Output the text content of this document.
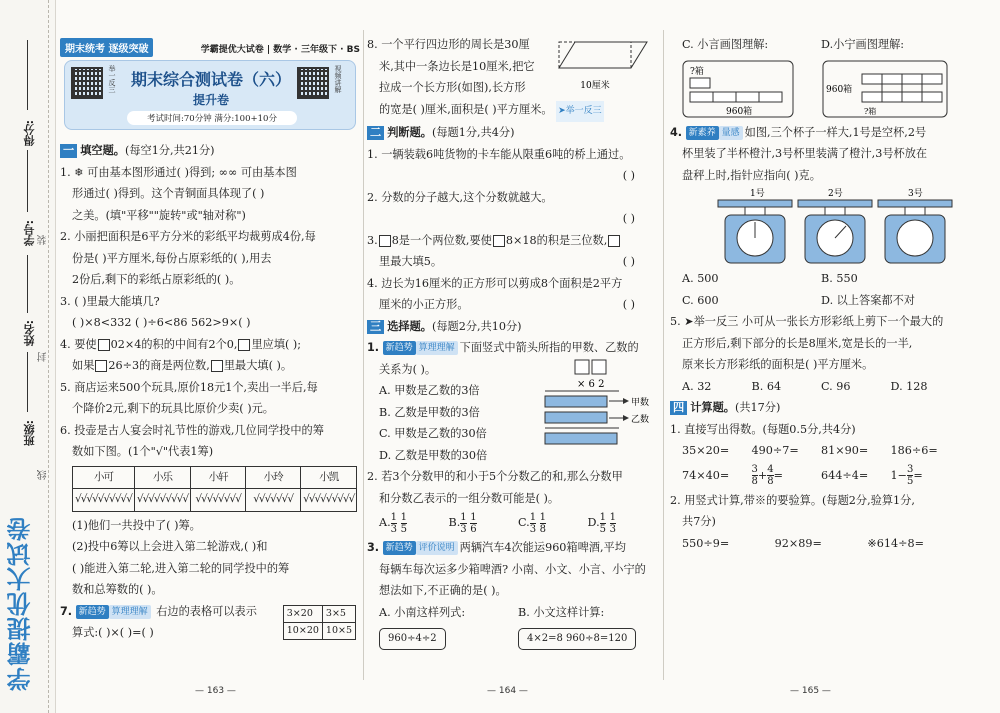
得分:
学号:
姓名:
班级:
装
封
线
学霸提优大试卷
期末统考 逐级突破	学霸提优大试卷 | 数学 · 三年级下 · BS
举一反三 期末综合测试卷（六）
提升卷
视频讲解
考试时间:70分钟 满分:100+10分
一 填空题。(每空1分,共21分)
1. ❄ 可由基本图形通过( )得到; ∞∞ 可由基本图
形通过( )得到。这个青铜面具体现了( )
之美。(填"平移""旋转"或"轴对称")
2. 小丽把面积是6平方分米的彩纸平均裁剪成4份,每
份是( )平方厘米,每份占原彩纸的( ),用去
2份后,剩下的彩纸占原彩纸的( )。
3. ( )里最大能填几?
( )×8<332 ( )÷6<86 562>9×( )
4. 要使 02×4的积的中间有2个0, 里应填( );
如果 26÷3的商是两位数, 里最大填( )。
5. 商店运来500个玩具,原价18元1个,卖出一半后,每
个降价2元,剩下的玩具比原价少卖( )元。
6. 投壶是古人宴会时礼节性的游戏,几位同学投中的筹
数如下图。(1个"√"代表1筹)
小可	小乐	小轩	小玲	小凯
√√√√√√√√√√	√√√√√√√√√	√√√√√√√√	√√√√√√√	√√√√√√√√√
(1)他们一共投中了( )筹。
(2)投中6筹以上会进入第二轮游戏,( )和
( )能进入第二轮,进入第二轮的同学投中的筹
数和总筹数的( )。
7. 新趋势 算理理解 右边的表格可以表示	3×20	3×5
10×20	10×5
算式:( )×( )=( )
8. 一个平行四边形的周长是30厘
米,其中一条边长是10厘米,把它
拉成一个长方形(如图),长方形
的宽是( )厘米,面积是( )平方厘米。 ➤举一反三
10厘米
二 判断题。(每题1分,共4分)
1. 一辆装载6吨货物的卡车能从限重6吨的桥上通过。
( )
2. 分数的分子越大,这个分数就越大。
( )
3. 8是一个两位数,要使 8×18的积是三位数,
里最大填5。	( )
4. 边长为16厘米的正方形可以剪成8个面积是2平方
厘米的小正方形。	( )
三 选择题。(每题2分,共10分)
1. 新趋势 算理理解 下面竖式中箭头所指的甲数、乙数的
关系为( )。
A. 甲数是乙数的3倍
B. 乙数是甲数的3倍
C. 甲数是乙数的30倍
D. 乙数是甲数的30倍
× 6 2
甲数
乙数
2. 若3个分数甲的和小于5个分数乙的和,那么分数甲
和分数乙表示的一组分数可能是( )。
A. $\frac{1}{3}$
$\frac{1}{5}$	B. $\frac{1}{3}$
$\frac{1}{6}$	C. $\frac{1}{3}$
$\frac{1}{8}$	D. $\frac{1}{5}$
$\frac{1}{3}$
3. 新趋势 评价说明 两辆汽车4次能运960箱啤酒,平均
每辆车每次运多少箱啤酒? 小南、小文、小言、小宁的
想法如下,不正确的是( )。
A. 小南这样列式:	B. 小文这样计算:
960÷4÷2	4×2=8 960÷8=120
C. 小言画图理解:	D.小宁画图理解:
?箱
960箱
960箱
?箱
4. 新素养 量感 如图,三个杯子一样大,1号是空杯,2号
杯里装了半杯橙汁,3号杯里装满了橙汁,3号杯放在
盘秤上时,指针应指向( )克。
1号	2号	3号
A. 500	B. 550
C. 600	D. 以上答案都不对
5. ➤举一反三 小可从一张长方形彩纸上剪下一个最大的
正方形后,剩下部分的长是8厘米,宽是长的一半,
原来长方形彩纸的面积是( )平方厘米。
A. 32	B. 64	C. 96	D. 128
四 计算题。(共17分)
1. 直接写出得数。(每题0.5分,共4分)
35×20=	490÷7=	81×90=	186÷6=
74×40=	$\frac{3}{8} + \frac{4}{8}$ =	644÷4=	$1- \frac{3}{5}$ =
2. 用竖式计算,带※的要验算。(每题2分,验算1分,
共7分)
550÷9=	92×89=	※614÷8=
— 163 —	— 164 —	— 165 —
